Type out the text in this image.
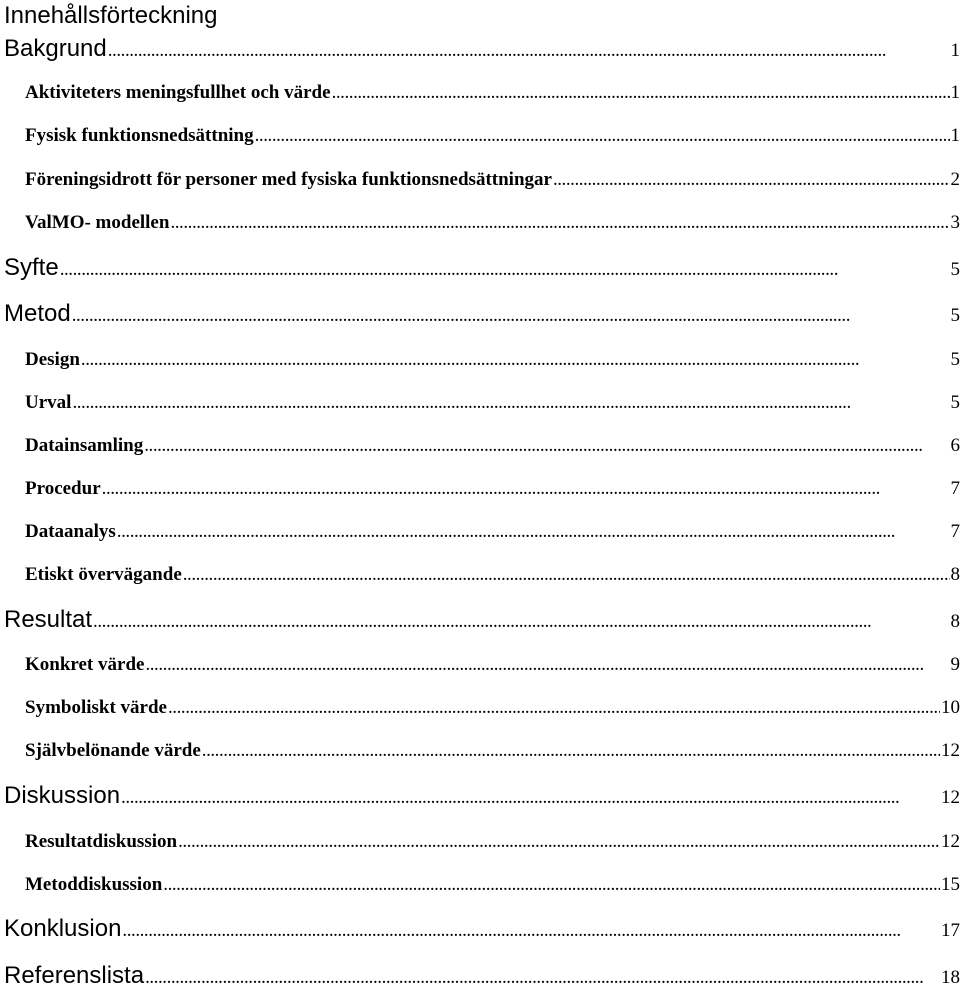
Innehållsförteckning
Bakgrund . . .	1
Aktiviteters meningsfullhet och värde . . .	1
Fysisk funktionsnedsättning . . .	1
Föreningsidrott för personer med fysiska funktionsnedsättningar . . .	2
ValMO- modellen . . .	3
Syfte . . .	5
Metod . . .	5
Design . . .	5
Urval . . .	5
Datainsamling . . .	6
Procedur . . .	7
Dataanalys . . .	7
Etiskt övervägande . . .	8
Resultat . . .	8
Konkret värde . . .	9
Symboliskt värde . . .	10
Självbelönande värde . . .	12
Diskussion . . .	12
Resultatdiskussion . . .	12
Metoddiskussion . . .	15
Konklusion . . .	17
Referenslista . . .	18
